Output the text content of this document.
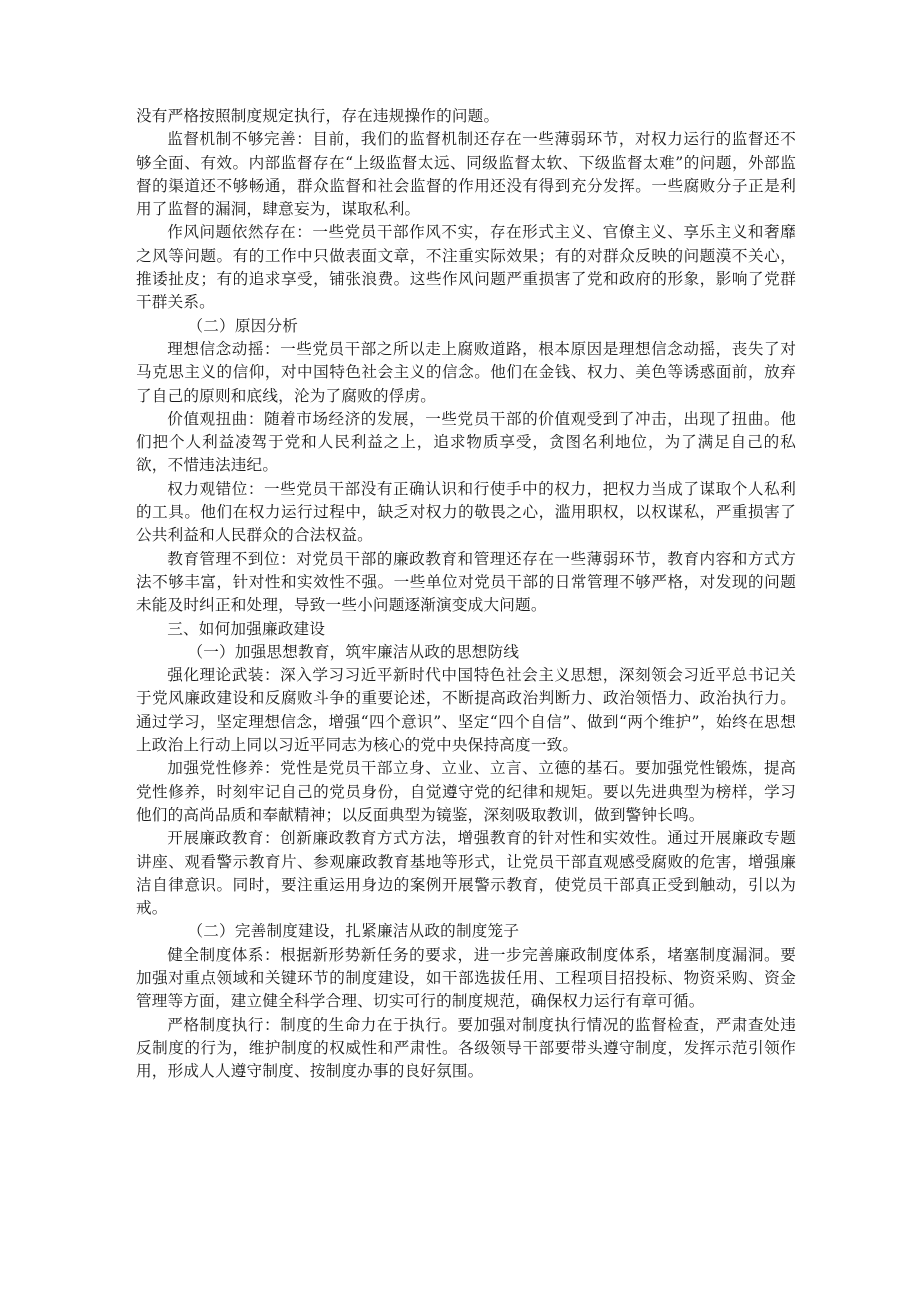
没有严格按照制度规定执行，存在违规操作的问题。

监督机制不够完善：目前，我们的监督机制还存在一些薄弱环节，对权力运行的监督还不够全面、有效。内部监督存在“上级监督太远、同级监督太软、下级监督太难”的问题，外部监督的渠道还不够畅通，群众监督和社会监督的作用还没有得到充分发挥。一些腐败分子正是利用了监督的漏洞，肆意妄为，谋取私利。

作风问题依然存在：一些党员干部作风不实，存在形式主义、官僚主义、享乐主义和奢靡之风等问题。有的工作中只做表面文章，不注重实际效果；有的对群众反映的问题漠不关心，推诿扯皮；有的追求享受，铺张浪费。这些作风问题严重损害了党和政府的形象，影响了党群干群关系。

（二）原因分析

理想信念动摇：一些党员干部之所以走上腐败道路，根本原因是理想信念动摇，丧失了对马克思主义的信仰，对中国特色社会主义的信念。他们在金钱、权力、美色等诱惑面前，放弃了自己的原则和底线，沦为了腐败的俘虏。

价值观扭曲：随着市场经济的发展，一些党员干部的价值观受到了冲击，出现了扭曲。他们把个人利益凌驾于党和人民利益之上，追求物质享受，贪图名利地位，为了满足自己的私欲，不惜违法违纪。

权力观错位：一些党员干部没有正确认识和行使手中的权力，把权力当成了谋取个人私利的工具。他们在权力运行过程中，缺乏对权力的敬畏之心，滥用职权，以权谋私，严重损害了公共利益和人民群众的合法权益。

教育管理不到位：对党员干部的廉政教育和管理还存在一些薄弱环节，教育内容和方式方法不够丰富，针对性和实效性不强。一些单位对党员干部的日常管理不够严格，对发现的问题未能及时纠正和处理，导致一些小问题逐渐演变成大问题。

三、如何加强廉政建设

（一）加强思想教育，筑牢廉洁从政的思想防线

强化理论武装：深入学习习近平新时代中国特色社会主义思想，深刻领会习近平总书记关于党风廉政建设和反腐败斗争的重要论述，不断提高政治判断力、政治领悟力、政治执行力。通过学习，坚定理想信念，增强“四个意识”、坚定“四个自信”、做到“两个维护”，始终在思想上政治上行动上同以习近平同志为核心的党中央保持高度一致。

加强党性修养：党性是党员干部立身、立业、立言、立德的基石。要加强党性锻炼，提高党性修养，时刻牢记自己的党员身份，自觉遵守党的纪律和规矩。要以先进典型为榜样，学习他们的高尚品质和奉献精神；以反面典型为镜鉴，深刻吸取教训，做到警钟长鸣。

开展廉政教育：创新廉政教育方式方法，增强教育的针对性和实效性。通过开展廉政专题讲座、观看警示教育片、参观廉政教育基地等形式，让党员干部直观感受腐败的危害，增强廉洁自律意识。同时，要注重运用身边的案例开展警示教育，使党员干部真正受到触动，引以为戒。

（二）完善制度建设，扎紧廉洁从政的制度笼子

健全制度体系：根据新形势新任务的要求，进一步完善廉政制度体系，堵塞制度漏洞。要加强对重点领域和关键环节的制度建设，如干部选拔任用、工程项目招投标、物资采购、资金管理等方面，建立健全科学合理、切实可行的制度规范，确保权力运行有章可循。

严格制度执行：制度的生命力在于执行。要加强对制度执行情况的监督检查，严肃查处违反制度的行为，维护制度的权威性和严肃性。各级领导干部要带头遵守制度，发挥示范引领作用，形成人人遵守制度、按制度办事的良好氛围。
